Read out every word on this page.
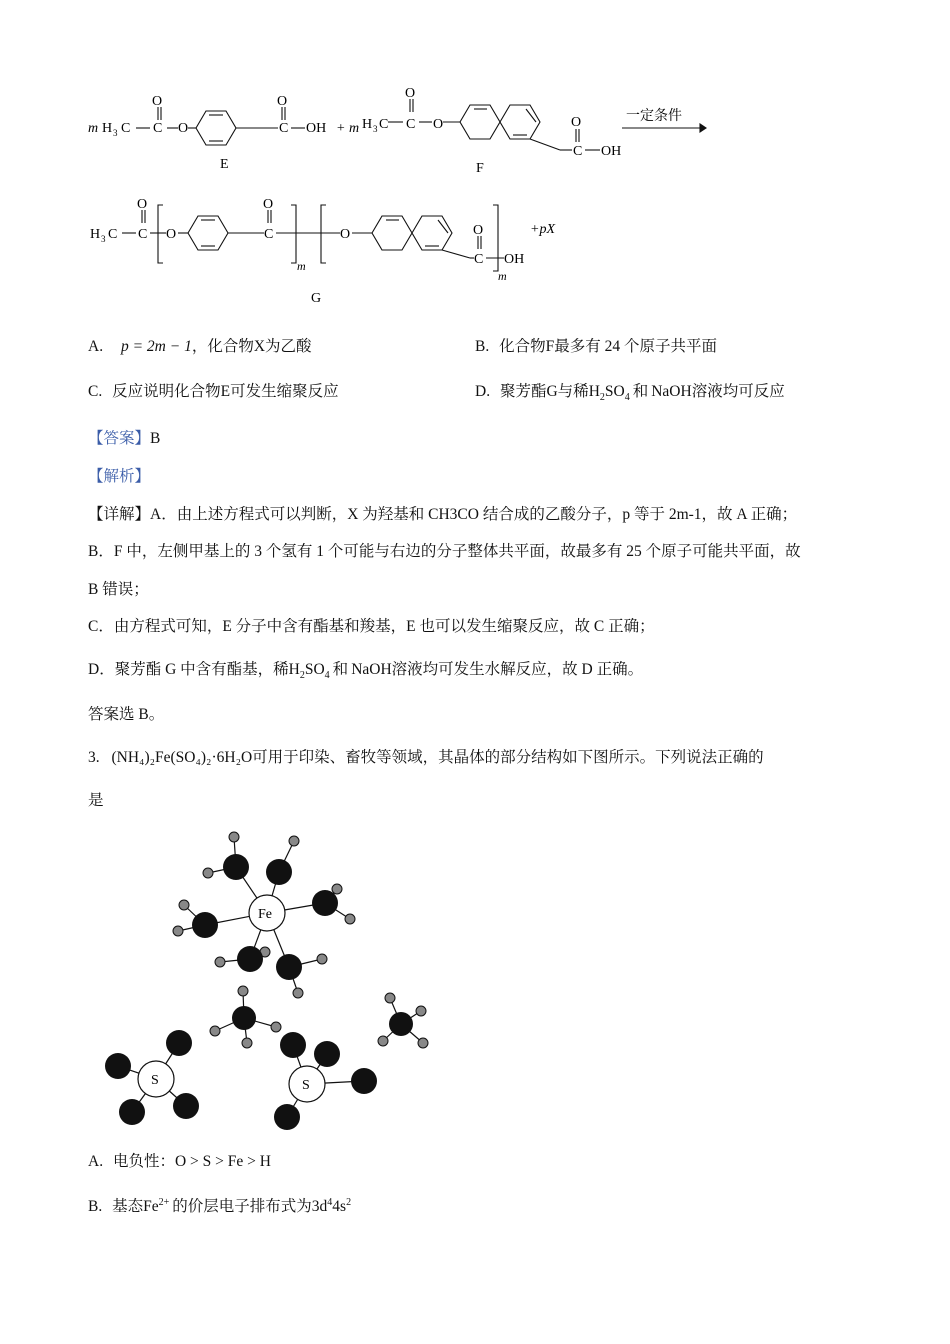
m H 3 C
O
C O
O
C OH
E
+ m H 3 C
O
C O	O
C OH
F
一定条件
H 3 C
O
C O
O
C
m
O	O
C OH
m
+pX
G
A. p = 2m − 1，化合物X为乙酸	B. 化合物F最多有 24 个原子共平面
C. 反应说明化合物E可发生缩聚反应	D. 聚芳酯G与稀$H_2SO_4$ 和 NaOH溶液均可反应
【答案】B
【解析】
【详解】A．由上述方程式可以判断，X 为羟基和 CH3CO 结合成的乙酸分子，p 等于 2m-1，故 A 正确；
B．F 中，左侧甲基上的 3 个氢有 1 个可能与右边的分子整体共平面，故最多有 25 个原子可能共平面，故
B 错误；
C．由方程式可知，E 分子中含有酯基和羧基，E 也可以发生缩聚反应，故 C 正确；
D．聚芳酯 G 中含有酯基，稀$H_2SO_4$ 和 NaOH溶液均可发生水解反应，故 D 正确。
答案选 B。
3. (NH₄)₂Fe(SO₄)₂·6H₂O可用于印染、畜牧等领域，其晶体的部分结构如下图所示。下列说法正确的
是
Fe
S	S
A. 电负性：O > S > Fe > H
B. 基态$Fe^{2+}$ 的价层电子排布式为$3d^44s^2$
